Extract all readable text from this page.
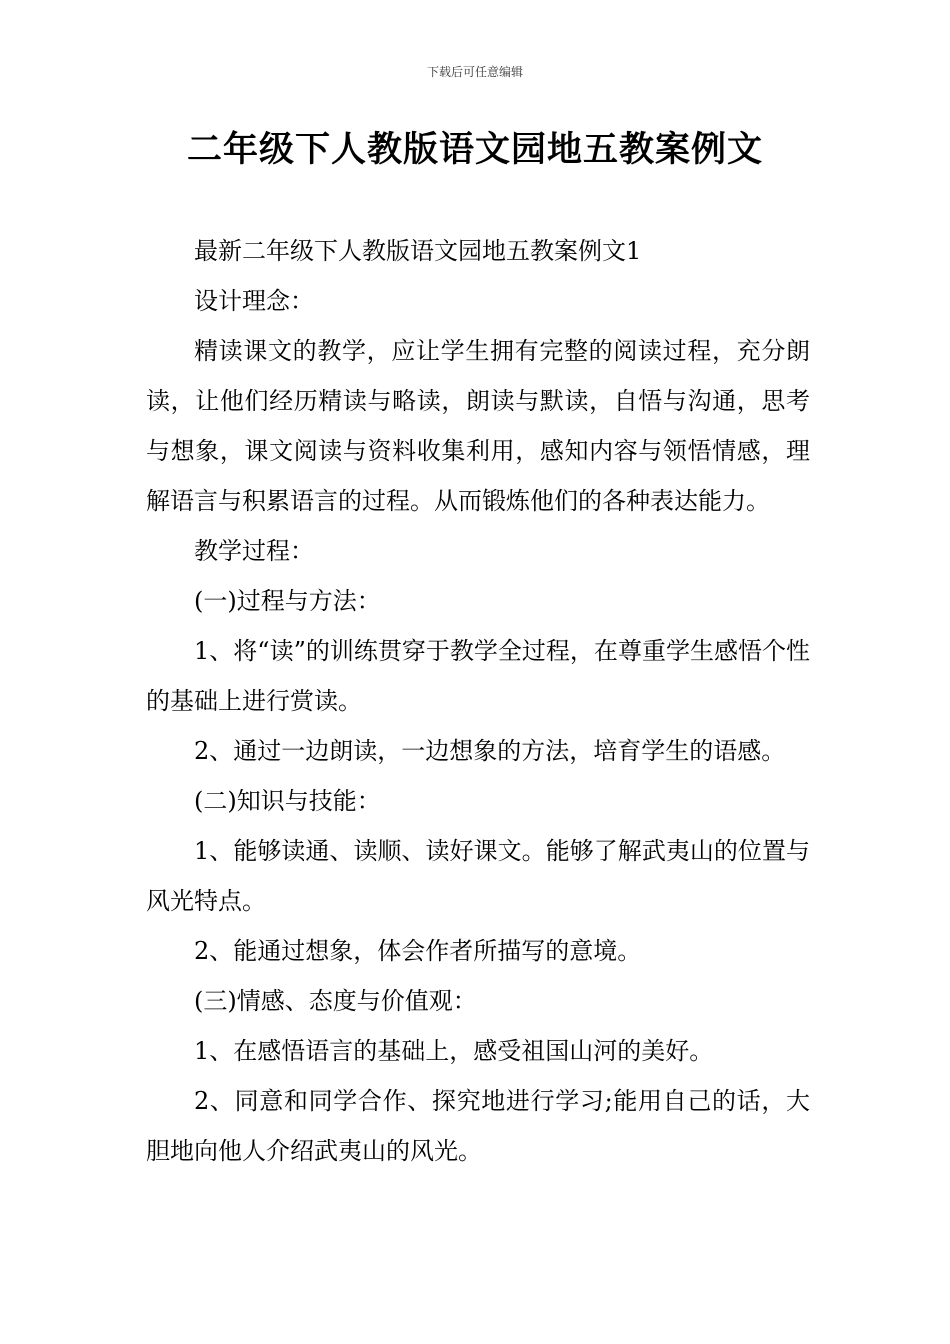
下载后可任意编辑
二年级下人教版语文园地五教案例文

最新二年级下人教版语文园地五教案例文1

设计理念：

精读课文的教学，应让学生拥有完整的阅读过程，充分朗读，让他们经历精读与略读，朗读与默读，自悟与沟通，思考与想象，课文阅读与资料收集利用，感知内容与领悟情感，理解语言与积累语言的过程。从而锻炼他们的各种表达能力。

教学过程：

(一)过程与方法：

1、将“读”的训练贯穿于教学全过程，在尊重学生感悟个性的基础上进行赏读。

2、通过一边朗读，一边想象的方法，培育学生的语感。

(二)知识与技能：

1、能够读通、读顺、读好课文。能够了解武夷山的位置与风光特点。

2、能通过想象，体会作者所描写的意境。

(三)情感、态度与价值观：

1、在感悟语言的基础上，感受祖国山河的美好。

2、同意和同学合作、探究地进行学习;能用自己的话，大胆地向他人介绍武夷山的风光。
